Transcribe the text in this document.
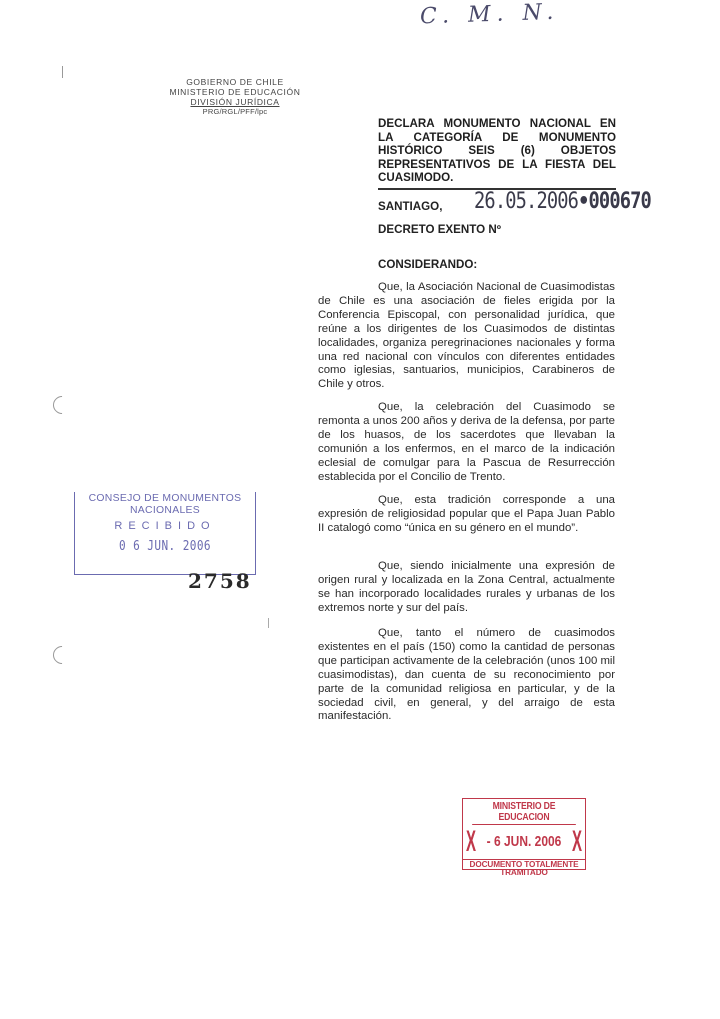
C. M. N.
GOBIERNO DE CHILE
MINISTERIO DE EDUCACIÓN
DIVISIÓN JURÍDICA
PRG/RGL/PFF/lpc
DECLARA MONUMENTO NACIONAL EN LA CATEGORÍA DE MONUMENTO HISTÓRICO SEIS (6) OBJETOS REPRESENTATIVOS DE LA FIESTA DEL CUASIMODO.
SANTIAGO, 26.05.2006•000670
DECRETO EXENTO Nº
CONSIDERANDO:

Que, la Asociación Nacional de Cuasimodistas de Chile es una asociación de fieles erigida por la Conferencia Episcopal, con personalidad jurídica, que reúne a los dirigentes de los Cuasimodos de distintas localidades, organiza peregrinaciones nacionales y forma una red nacional con vínculos con diferentes entidades como iglesias, santuarios, municipios, Carabineros de Chile y otros.

Que, la celebración del Cuasimodo se remonta a unos 200 años y deriva de la defensa, por parte de los huasos, de los sacerdotes que llevaban la comunión a los enfermos, en el marco de la indicación eclesial de comulgar para la Pascua de Resurrección establecida por el Concilio de Trento.

Que, esta tradición corresponde a una expresión de religiosidad popular que el Papa Juan Pablo II catalogó como “única en su género en el mundo”.

Que, siendo inicialmente una expresión de origen rural y localizada en la Zona Central, actualmente se han incorporado localidades rurales y urbanas de los extremos norte y sur del país.

Que, tanto el número de cuasimodos existentes en el país (150) como la cantidad de personas que participan activamente de la celebración (unos 100 mil cuasimodistas), dan cuenta de su reconocimiento por parte de la comunidad religiosa en particular, y de la sociedad civil, en general, y del arraigo de esta manifestación.

CONSEJO DE MONUMENTOS
NACIONALES
RECIBIDO
0 6 JUN. 2006
2758
MINISTERIO DE EDUCACION
X - 6 JUN. 2006 X
DOCUMENTO TOTALMENTE
TRAMITADO
